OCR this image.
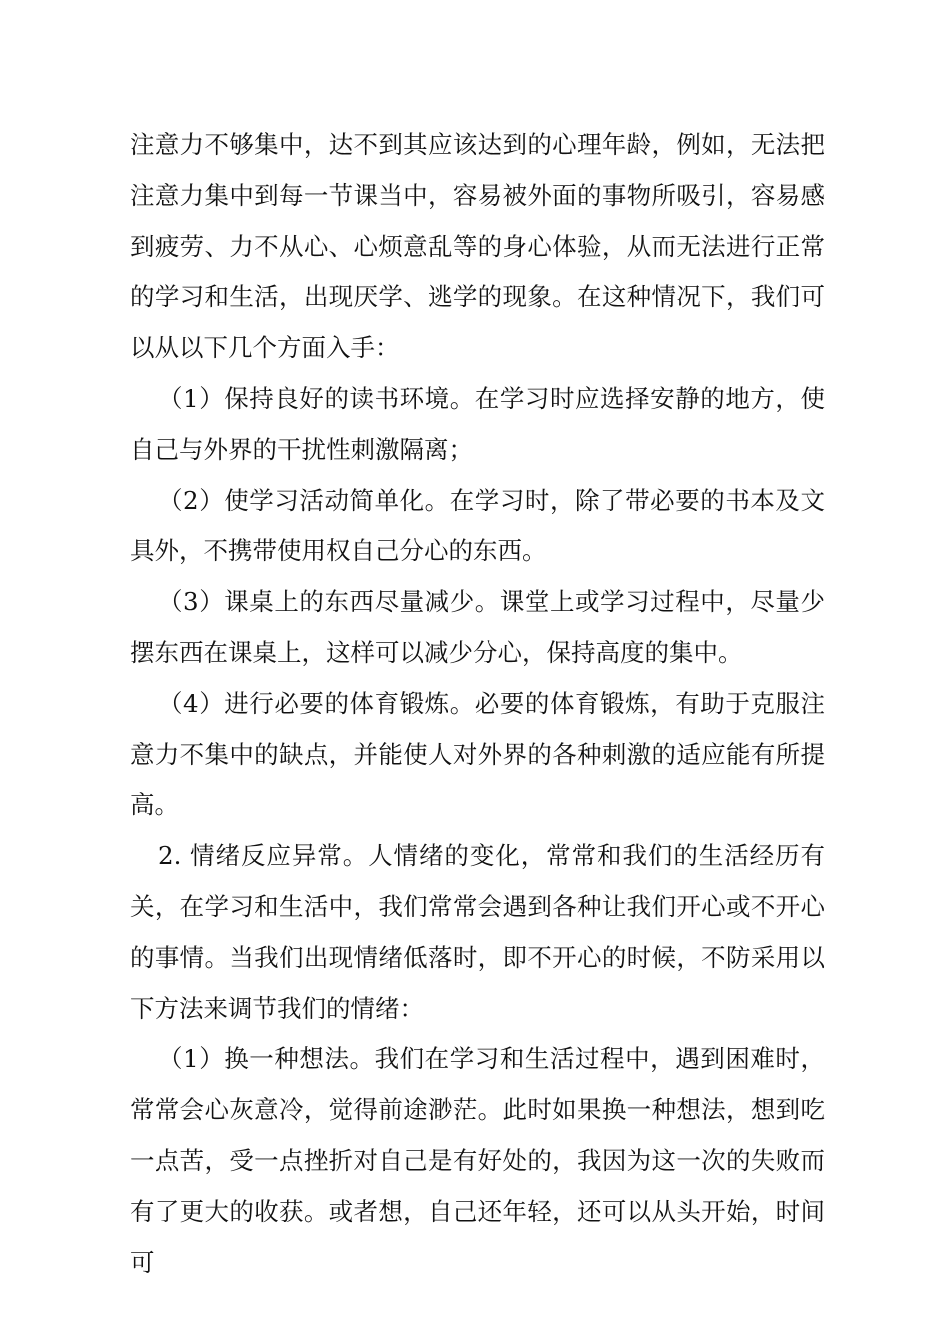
注意力不够集中，达不到其应该达到的心理年龄，例如，无法把注意力集中到每一节课当中，容易被外面的事物所吸引，容易感到疲劳、力不从心、心烦意乱等的身心体验，从而无法进行正常的学习和生活，出现厌学、逃学的现象。在这种情况下，我们可以从以下几个方面入手：

（1）保持良好的读书环境。在学习时应选择安静的地方，使自己与外界的干扰性刺激隔离；

（2）使学习活动简单化。在学习时，除了带必要的书本及文具外，不携带使用权自己分心的东西。

（3）课桌上的东西尽量减少。课堂上或学习过程中，尽量少摆东西在课桌上，这样可以减少分心，保持高度的集中。

（4）进行必要的体育锻炼。必要的体育锻炼，有助于克服注意力不集中的缺点，并能使人对外界的各种刺激的适应能有所提高。

2. 情绪反应异常。人情绪的变化，常常和我们的生活经历有关，在学习和生活中，我们常常会遇到各种让我们开心或不开心的事情。当我们出现情绪低落时，即不开心的时候，不防采用以下方法来调节我们的情绪：

（1）换一种想法。我们在学习和生活过程中，遇到困难时，常常会心灰意冷，觉得前途渺茫。此时如果换一种想法，想到吃一点苦，受一点挫折对自己是有好处的，我因为这一次的失败而有了更大的收获。或者想，自己还年轻，还可以从头开始，时间可
